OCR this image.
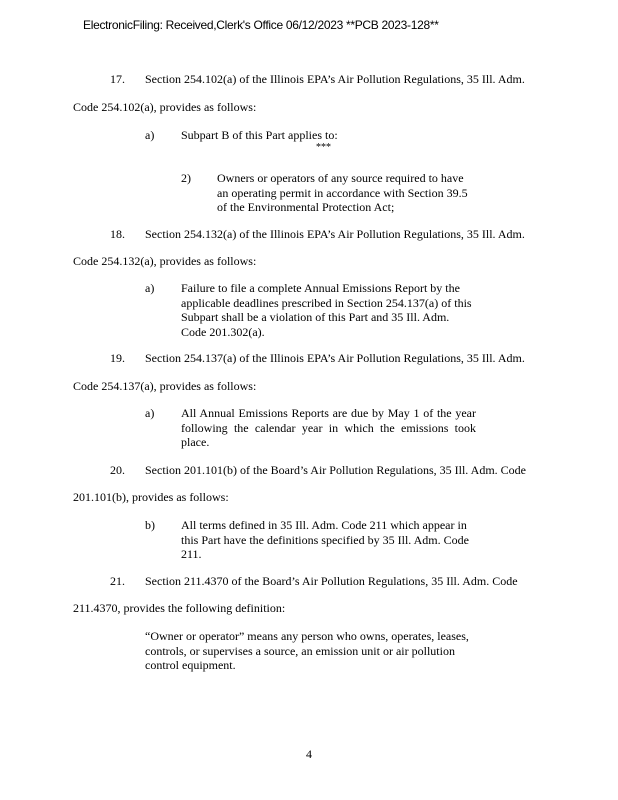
ElectronicFiling: Received,Clerk's Office 06/12/2023 **PCB 2023-128**
17. Section 254.102(a) of the Illinois EPA’s Air Pollution Regulations, 35 Ill. Adm.
Code 254.102(a), provides as follows:
a) Subpart B of this Part applies to:
***
2) Owners or operators of any source required to have an operating permit in accordance with Section 39.5 of the Environmental Protection Act;
18. Section 254.132(a) of the Illinois EPA’s Air Pollution Regulations, 35 Ill. Adm.
Code 254.132(a), provides as follows:
a) Failure to file a complete Annual Emissions Report by the applicable deadlines prescribed in Section 254.137(a) of this Subpart shall be a violation of this Part and 35 Ill. Adm. Code 201.302(a).
19. Section 254.137(a) of the Illinois EPA’s Air Pollution Regulations, 35 Ill. Adm.
Code 254.137(a), provides as follows:
a) All Annual Emissions Reports are due by May 1 of the year following the calendar year in which the emissions took place.
20. Section 201.101(b) of the Board’s Air Pollution Regulations, 35 Ill. Adm. Code
201.101(b), provides as follows:
b) All terms defined in 35 Ill. Adm. Code 211 which appear in this Part have the definitions specified by 35 Ill. Adm. Code 211.
21. Section 211.4370 of the Board’s Air Pollution Regulations, 35 Ill. Adm. Code
211.4370, provides the following definition:
“Owner or operator” means any person who owns, operates, leases, controls, or supervises a source, an emission unit or air pollution control equipment.
4
